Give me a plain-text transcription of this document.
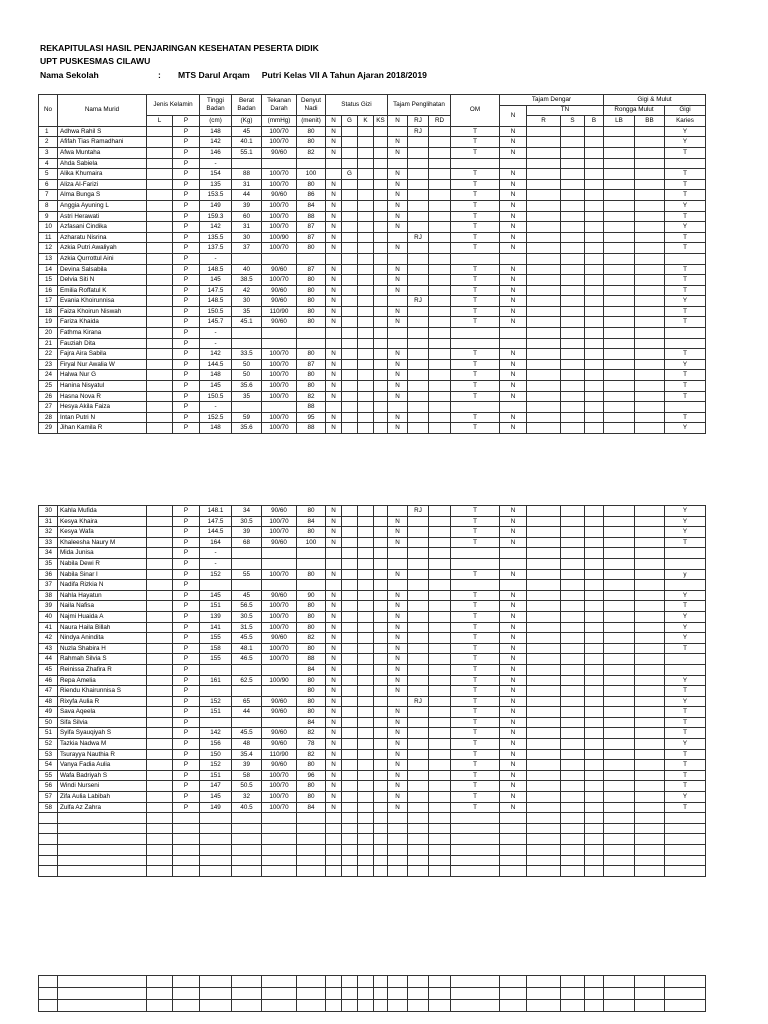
REKAPITULASI HASIL PENJARINGAN KESEHATAN PESERTA DIDIK
UPT PUSKESMAS CILAWU
Nama Sekolah	: MTS Darul Arqam Putri Kelas VII A Tahun Ajaran 2018/2019
No	Nama Murid	Jenis Kelamin		Tinggi Badan	Berat Badan	Tekanan Darah	Denyut Nadi	Status Gizi				Tajam Penglihatan			OM	Tajam Dengar				Gigi & Mulut		
																N	TN			Rongga Mulut		Gigi
		L	P	(cm)	(Kg)	(mmHg)	(menit)	N	G	K	KS	N	RJ	RD			R	S	B	LB	BB	Karies
1	Adhwa Rahil S		P	148	45	100/70	80	N					RJ		T	N						Y
2	Afifah Tias Ramadhani		P	142	40.1	100/70	80	N				N			T	N						Y
3	Afwa Muntaha		P	146	55.1	90/60	82	N				N			T	N						T
4	Ahda Sabiela		P	-																		
5	Alika Khumaira		P	154	88	100/70	100		G			N			T	N						T
6	Aliza Al-Farizi		P	135	31	100/70	80	N				N			T	N						T
7	Alma Bunga S		P	153.5	44	90/60	86	N				N			T	N						T
8	Anggia Ayuning L		P	149	39	100/70	84	N				N			T	N						Y
9	Astri Herawati		P	159.3	60	100/70	88	N				N			T	N						T
10	Azfasani Cindika		P	142	31	100/70	87	N				N			T	N						Y
11	Azharatu Nisrina		P	135.5	30	100/90	87	N					RJ		T	N						T
12	Azkia Putri Awaliyah		P	137.5	37	100/70	80	N				N			T	N						T
13	Azkia Qurrottul Aini		P	-																		
14	Devina Salsabila		P	148.5	40	90/60	87	N				N			T	N						T
15	Delvia Siti N		P	145	38.5	100/70	80	N				N			T	N						T
16	Emilia Roffatul K		P	147.5	42	90/60	80	N				N			T	N						T
17	Evania Khoirunnisa		P	148.5	30	90/60	80	N					RJ		T	N						Y
18	Faiza Khoirun Niswah		P	150.5	35	110/90	80	N				N			T	N						T
19	Fariza Khaida		P	145.7	45.1	90/60	80	N				N			T	N						T
20	Fathma Kirana		P	-																		
21	Fauziah Dita		P	-																		
22	Fajra Aira Sabila		P	142	33.5	100/70	80	N				N			T	N						T
23	Firyal Nur Awalia W		P	144.5	50	100/70	87	N				N			T	N						Y
24	Halwa Nur G		P	148	50	100/70	80	N				N			T	N						T
25	Hanina Nisyatul		P	145	35.6	100/70	80	N				N			T	N						T
26	Hasna Nova R		P	150.5	35	100/70	82	N				N			T	N						T
27	Hesya Akila Faiza		P	-			88															
28	Intan Putri N		P	152.5	59	100/70	95	N				N			T	N						T
29	Jihan Kamila R		P	148	35.6	100/70	88	N				N			T	N						Y
30	Kahla Mufida		P	148.1	34	90/60	80	N					RJ		T	N						Y
31	Kesya Khaira		P	147.5	30.5	100/70	84	N				N			T	N						Y
32	Kesya Wafa		P	144.5	39	100/70	80	N				N			T	N						Y
33	Khaleesha Naury M		P	164	68	90/60	100	N				N			T	N						T
34	Mida Junisa		P	-																		
35	Nabila Dewi R		P	-																		
36	Nabila Sinar I		P	152	55	100/70	80	N				N			T	N						y
37	Nadifa Rizkia N		P																			
38	Nahla Hayatun		P	145	45	90/60	90	N				N			T	N						Y
39	Naila Nafisa		P	151	56.5	100/70	80	N				N			T	N						T
40	Najmi Huaida A		P	139	30.5	100/70	80	N				N			T	N						Y
41	Naura Haila Billah		P	141	31.5	100/70	80	N				N			T	N						Y
42	Nindya Anindita		P	155	45.5	90/60	82	N				N			T	N						Y
43	Nuzla Shabira H		P	158	48.1	100/70	80	N				N			T	N						T
44	Rahmah Silvia S		P	155	46.5	100/70	88	N				N			T	N						
45	Reinissa Zhafira R		P				84	N				N			T	N						
46	Repa Amelia		P	161	62.5	100/90	80	N				N			T	N						Y
47	Riendu Khairunnisa S		P				80	N				N			T	N						T
48	Rixyfa Aulia R		P	152	65	90/60	80	N					RJ		T	N						Y
49	Sava Aqeela		P	151	44	90/60	80	N				N			T	N						T
50	Sifa Silvia		P				84	N				N			T	N						T
51	Syifa Syauqiyah S		P	142	45.5	90/60	82	N				N			T	N						T
52	Tazkia Nadwa M		P	156	48	90/60	78	N				N			T	N						Y
53	Tsurayya Nauthia R		P	150	35.4	110/90	82	N				N			T	N						T
54	Vanya Fadia Aulia		P	152	39	90/60	80	N				N			T	N						T
55	Wafa Badriyah S		P	151	58	100/70	96	N				N			T	N						T
56	Windi Nurseni		P	147	50.5	100/70	80	N				N			T	N						T
57	Zifa Aulia Labibah		P	145	32	100/70	80	N				N			T	N						Y
58	Zulfa Az Zahra		P	149	40.5	100/70	84	N				N			T	N						T
